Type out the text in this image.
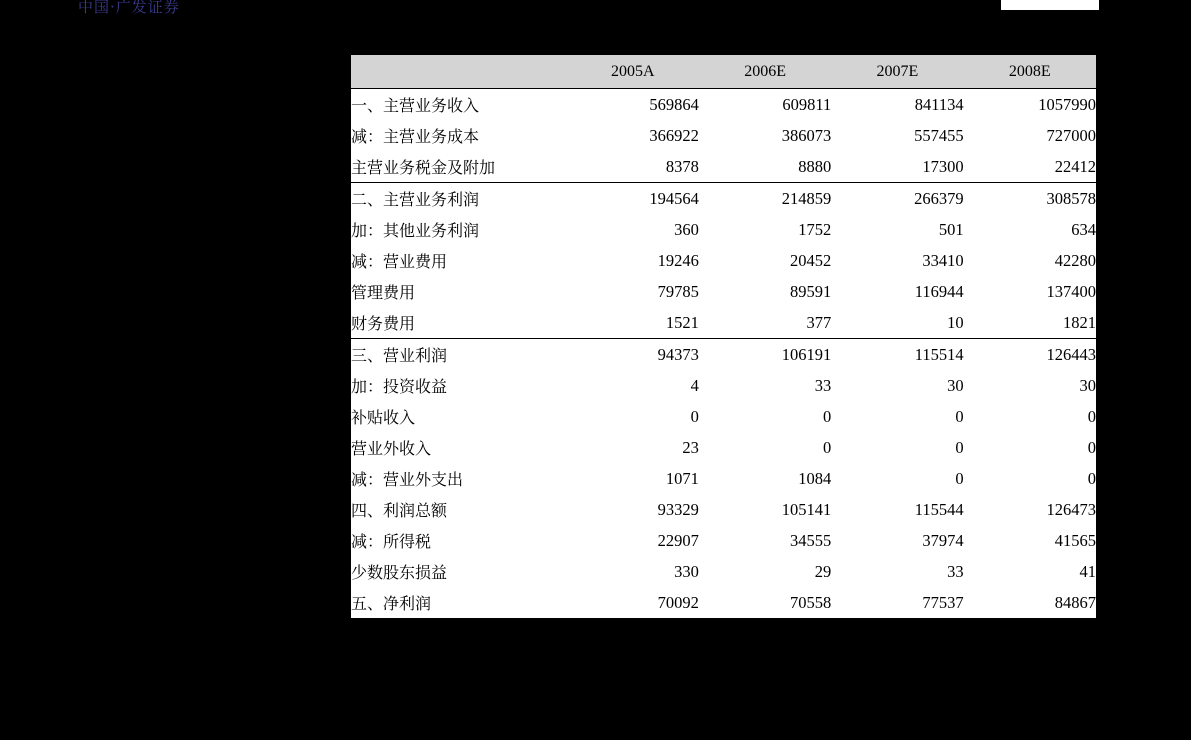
中国·广发证券
	2005A	2006E	2007E	2008E
一、主营业务收入	569864	609811	841134	1057990
减：主营业务成本	366922	386073	557455	727000
主营业务税金及附加	8378	8880	17300	22412
二、主营业务利润	194564	214859	266379	308578
加：其他业务利润	360	1752	501	634
减：营业费用	19246	20452	33410	42280
管理费用	79785	89591	116944	137400
财务费用	1521	377	10	1821
三、营业利润	94373	106191	115514	126443
加：投资收益	4	33	30	30
补贴收入	0	0	0	0
营业外收入	23	0	0	0
减：营业外支出	1071	1084	0	0
四、利润总额	93329	105141	115544	126473
减：所得税	22907	34555	37974	41565
少数股东损益	330	29	33	41
五、净利润	70092	70558	77537	84867
